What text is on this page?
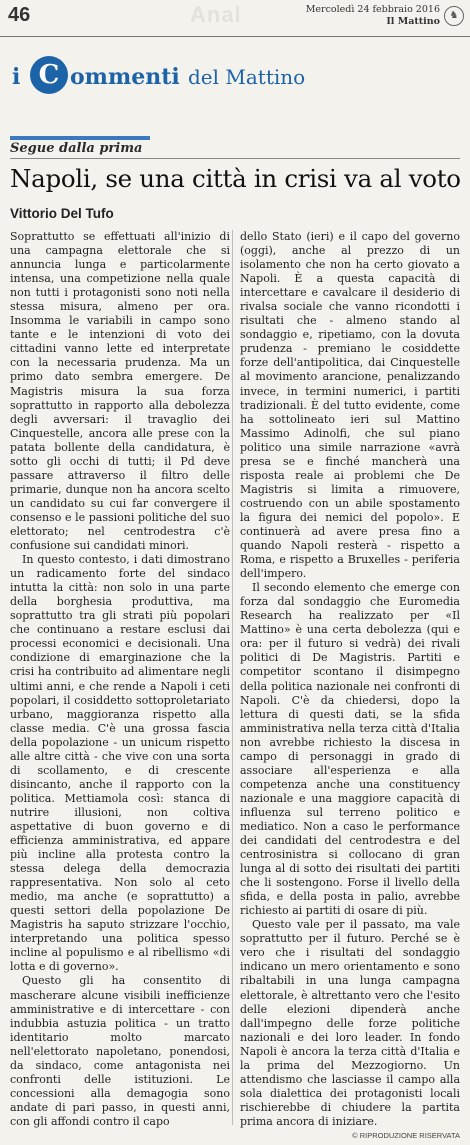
46	Anal	Mercoledì 24 febbraio 2016
Il Mattino
♞
i C ommenti del Mattino
Segue dalla prima
Napoli, se una città in crisi va al voto
Vittorio Del Tufo

Soprattutto se effettuati all'inizio di una campagna elettorale che si annuncia lunga e particolarmente intensa, una competizione nella quale non tutti i protagonisti sono noti nella stessa misura, almeno per ora. Insomma le variabili in campo sono tante e le intenzioni di voto dei cittadini vanno lette ed interpretate con la necessaria prudenza. Ma un primo dato sembra emergere. De Magistris misura la sua forza soprattutto in rapporto alla debolezza degli avversari: il travaglio dei Cinquestelle, ancora alle prese con la patata bollente della candidatura, è sotto gli occhi di tutti; il Pd deve passare attraverso il filtro delle primarie, dunque non ha ancora scelto un candidato su cui far convergere il consenso e le passioni politiche del suo elettorato; nel centrodestra c'è confusione sui candidati minori.

In questo contesto, i dati dimostrano un radicamento forte del sindaco intutta la città: non solo in una parte della borghesia produttiva, ma soprattutto tra gli strati più popolari che continuano a restare esclusi dai processi economici e decisionali. Una condizione di emarginazione che la crisi ha contribuito ad alimentare negli ultimi anni, e che rende a Napoli i ceti popolari, il cosiddetto sottoproletariato urbano, maggioranza rispetto alla classe media. C'è una grossa fascia della popolazione - un unicum rispetto alle altre città - che vive con una sorta di scollamento, e di crescente disincanto, anche il rapporto con la politica. Mettiamola così: stanca di nutrire illusioni, non coltiva aspettative di buon governo e di efficienza amministrativa, ed appare più incline alla protesta contro la stessa delega della democrazia rappresentativa. Non solo al ceto medio, ma anche (e soprattutto) a questi settori della popolazione De Magistris ha saputo strizzare l'occhio, interpretando una politica spesso incline al populismo e al ribellismo «di lotta e di governo».

Questo gli ha consentito di mascherare alcune visibili inefficienze amministrative e di intercettare - con indubbia astuzia politica - un tratto identitario molto marcato nell'elettorato napoletano, ponendosi, da sindaco, come antagonista nei confronti delle istituzioni. Le concessioni alla demagogia sono andate di pari passo, in questi anni, con gli affondi contro il capo

dello Stato (ieri) e il capo del governo (oggi), anche al prezzo di un isolamento che non ha certo giovato a Napoli. È a questa capacità di intercettare e cavalcare il desiderio di rivalsa sociale che vanno ricondotti i risultati che - almeno stando al sondaggio e, ripetiamo, con la dovuta prudenza - premiano le cosiddette forze dell'antipolitica, dai Cinquestelle al movimento arancione, penalizzando invece, in termini numerici, i partiti tradizionali. È del tutto evidente, come ha sottolineato ieri sul Mattino Massimo Adinolfi, che sul piano politico una simile narrazione «avrà presa se e finché mancherà una risposta reale ai problemi che De Magistris si limita a rimuovere, costruendo con un abile spostamento la figura dei nemici del popolo». E continuerà ad avere presa fino a quando Napoli resterà - rispetto a Roma, e rispetto a Bruxelles - periferia dell'impero.

Il secondo elemento che emerge con forza dal sondaggio che Euromedia Research ha realizzato per «Il Mattino» è una certa debolezza (qui e ora: per il futuro si vedrà) dei rivali politici di De Magistris. Partiti e competitor scontano il disimpegno della politica nazionale nei confronti di Napoli. C'è da chiedersi, dopo la lettura di questi dati, se la sfida amministrativa nella terza città d'Italia non avrebbe richiesto la discesa in campo di personaggi in grado di associare all'esperienza e alla competenza anche una constituency nazionale e una maggiore capacità di influenza sul terreno politico e mediatico. Non a caso le performance dei candidati del centrodestra e del centrosinistra si collocano di gran lunga al di sotto dei risultati dei partiti che li sostengono. Forse il livello della sfida, e della posta in palio, avrebbe richiesto ai partiti di osare di più.

Questo vale per il passato, ma vale soprattutto per il futuro. Perché se è vero che i risultati del sondaggio indicano un mero orientamento e sono ribaltabili in una lunga campagna elettorale, è altrettanto vero che l'esito delle elezioni dipenderà anche dall'impegno delle forze politiche nazionali e dei loro leader. In fondo Napoli è ancora la terza città d'Italia e la prima del Mezzogiorno. Un attendismo che lasciasse il campo alla sola dialettica dei protagonisti locali rischierebbe di chiudere la partita prima ancora di iniziare.

© RIPRODUZIONE RISERVATA
